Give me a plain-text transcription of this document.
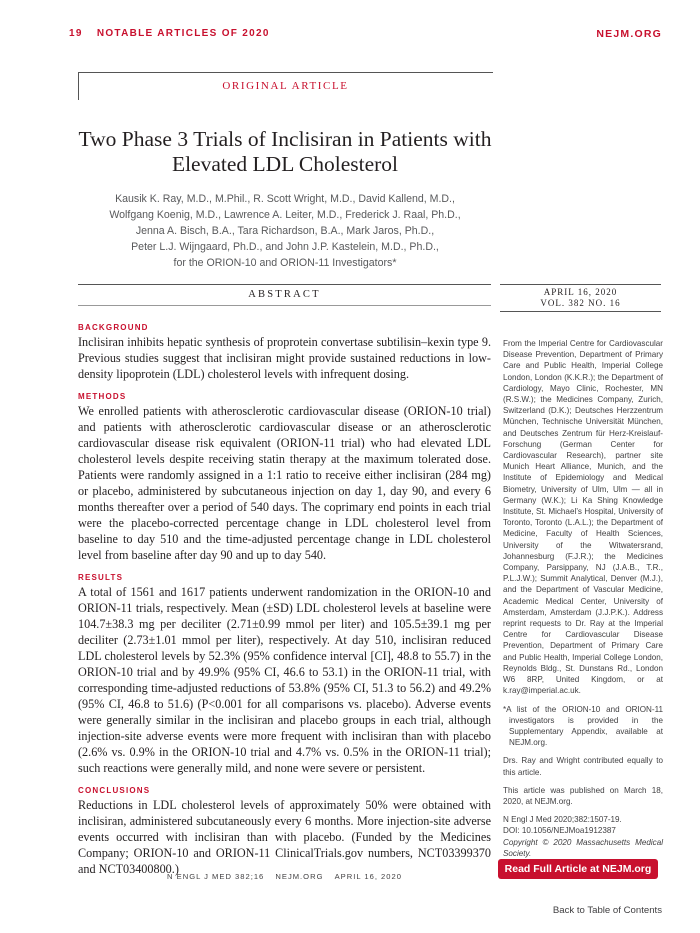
19 NOTABLE ARTICLES OF 2020	NEJM.ORG
ORIGINAL ARTICLE
Two Phase 3 Trials of Inclisiran in Patients with Elevated LDL Cholesterol
Kausik K. Ray, M.D., M.Phil., R. Scott Wright, M.D., David Kallend, M.D.,
Wolfgang Koenig, M.D., Lawrence A. Leiter, M.D., Frederick J. Raal, Ph.D.,
Jenna A. Bisch, B.A., Tara Richardson, B.A., Mark Jaros, Ph.D.,
Peter L.J. Wijngaard, Ph.D., and John J.P. Kastelein, M.D., Ph.D.,
for the ORION-10 and ORION-11 Investigators*
ABSTRACT	APRIL 16, 2020
VOL. 382 NO. 16
BACKGROUND

Inclisiran inhibits hepatic synthesis of proprotein convertase subtilisin–kexin type 9. Previous studies suggest that inclisiran might provide sustained reductions in low-density lipoprotein (LDL) cholesterol levels with infrequent dosing.

METHODS

We enrolled patients with atherosclerotic cardiovascular disease (ORION-10 trial) and patients with atherosclerotic cardiovascular disease or an atherosclerotic cardiovascular disease risk equivalent (ORION-11 trial) who had elevated LDL cholesterol levels despite receiving statin therapy at the maximum tolerated dose. Patients were randomly assigned in a 1:1 ratio to receive either inclisiran (284 mg) or placebo, administered by subcutaneous injection on day 1, day 90, and every 6 months thereafter over a period of 540 days. The coprimary end points in each trial were the placebo-corrected percentage change in LDL cholesterol level from baseline to day 510 and the time-adjusted percentage change in LDL cholesterol level from baseline after day 90 and up to day 540.

RESULTS

A total of 1561 and 1617 patients underwent randomization in the ORION-10 and ORION-11 trials, respectively. Mean (±SD) LDL cholesterol levels at baseline were 104.7±38.3 mg per deciliter (2.71±0.99 mmol per liter) and 105.5±39.1 mg per deciliter (2.73±1.01 mmol per liter), respectively. At day 510, inclisiran reduced LDL cholesterol levels by 52.3% (95% confidence interval [CI], 48.8 to 55.7) in the ORION-10 trial and by 49.9% (95% CI, 46.6 to 53.1) in the ORION-11 trial, with corresponding time-adjusted reductions of 53.8% (95% CI, 51.3 to 56.2) and 49.2% (95% CI, 46.8 to 51.6) (P<0.001 for all comparisons vs. placebo). Adverse events were generally similar in the inclisiran and placebo groups in each trial, although injection-site adverse events were more frequent with inclisiran than with placebo (2.6% vs. 0.9% in the ORION-10 trial and 4.7% vs. 0.5% in the ORION-11 trial); such reactions were generally mild, and none were severe or persistent.

CONCLUSIONS

Reductions in LDL cholesterol levels of approximately 50% were obtained with inclisiran, administered subcutaneously every 6 months. More injection-site adverse events occurred with inclisiran than with placebo. (Funded by the Medicines Company; ORION-10 and ORION-11 ClinicalTrials.gov numbers, NCT03399370 and NCT03400800.)

From the Imperial Centre for Cardiovascular Disease Prevention, Department of Primary Care and Public Health, Imperial College London, London (K.K.R.); the Department of Cardiology, Mayo Clinic, Rochester, MN (R.S.W.); the Medicines Company, Zurich, Switzerland (D.K.); Deutsches Herzzentrum München, Technische Universität München, and Deutsches Zentrum für Herz-Kreislauf-Forschung (German Center for Cardiovascular Research), partner site Munich Heart Alliance, Munich, and the Institute of Epidemiology and Medical Biometry, University of Ulm, Ulm — all in Germany (W.K.); Li Ka Shing Knowledge Institute, St. Michael’s Hospital, University of Toronto, Toronto (L.A.L.); the Department of Medicine, Faculty of Health Sciences, University of the Witwatersrand, Johannesburg (F.J.R.); the Medicines Company, Parsippany, NJ (J.A.B., T.R., P.L.J.W.); Summit Analytical, Denver (M.J.), and the Department of Vascular Medicine, Academic Medical Center, University of Amsterdam, Amsterdam (J.J.P.K.). Address reprint requests to Dr. Ray at the Imperial Centre for Cardiovascular Disease Prevention, Department of Primary Care and Public Health, Imperial College London, Reynolds Bldg., St. Dunstans Rd., London W6 8RP, United Kingdom, or at k.ray@imperial.ac.uk.

*A list of the ORION-10 and ORION-11 investigators is provided in the Supplementary Appendix, available at NEJM.org.

Drs. Ray and Wright contributed equally to this article.

This article was published on March 18, 2020, at NEJM.org.

N Engl J Med 2020;382:1507-19.

DOI: 10.1056/NEJMoa1912387

Copyright © 2020 Massachusetts Medical Society.

Read Full Article at NEJM.org
N ENGL J MED 382;16 NEJM.ORG APRIL 16, 2020
Back to Table of Contents
